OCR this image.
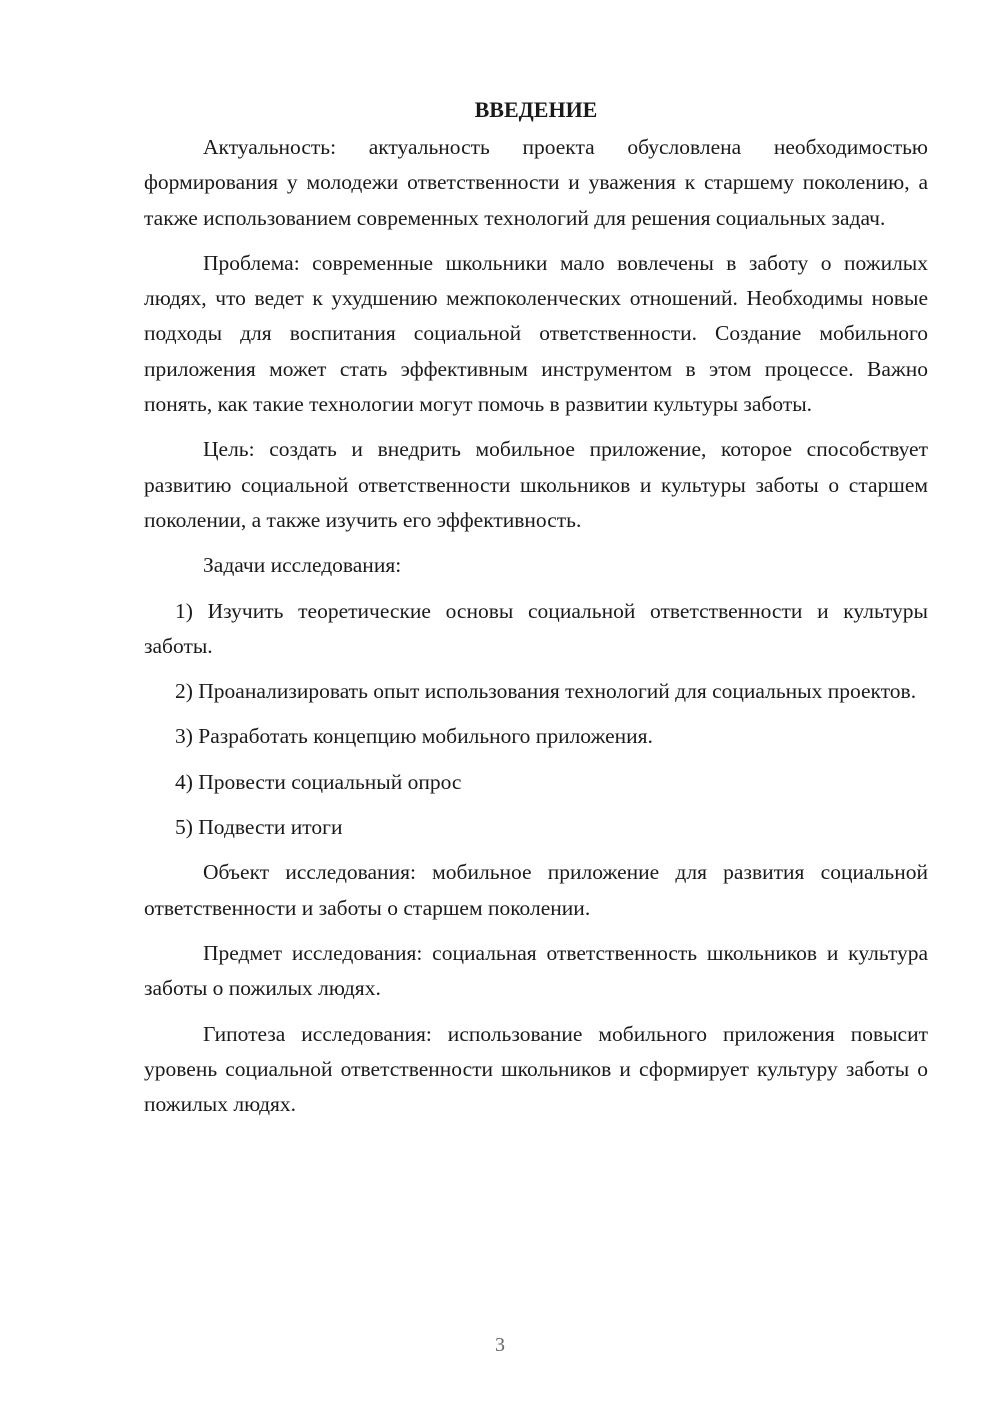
ВВЕДЕНИЕ

Актуальность: актуальность проекта обусловлена необходимостью формирования у молодежи ответственности и уважения к старшему поколению, а также использованием современных технологий для решения социальных задач.

Проблема: современные школьники мало вовлечены в заботу о пожилых людях, что ведет к ухудшению межпоколенческих отношений. Необходимы новые подходы для воспитания социальной ответственности. Создание мобильного приложения может стать эффективным инструментом в этом процессе. Важно понять, как такие технологии могут помочь в развитии культуры заботы.

Цель: создать и внедрить мобильное приложение, которое способствует развитию социальной ответственности школьников и культуры заботы о старшем поколении, а также изучить его эффективность.

Задачи исследования:

1) Изучить теоретические основы социальной ответственности и культуры заботы.

2) Проанализировать опыт использования технологий для социальных проектов.

3) Разработать концепцию мобильного приложения.

4) Провести социальный опрос

5) Подвести итоги

Объект исследования: мобильное приложение для развития социальной ответственности и заботы о старшем поколении.

Предмет исследования: социальная ответственность школьников и культура заботы о пожилых людях.

Гипотеза исследования: использование мобильного приложения повысит уровень социальной ответственности школьников и сформирует культуру заботы о пожилых людях.

3
